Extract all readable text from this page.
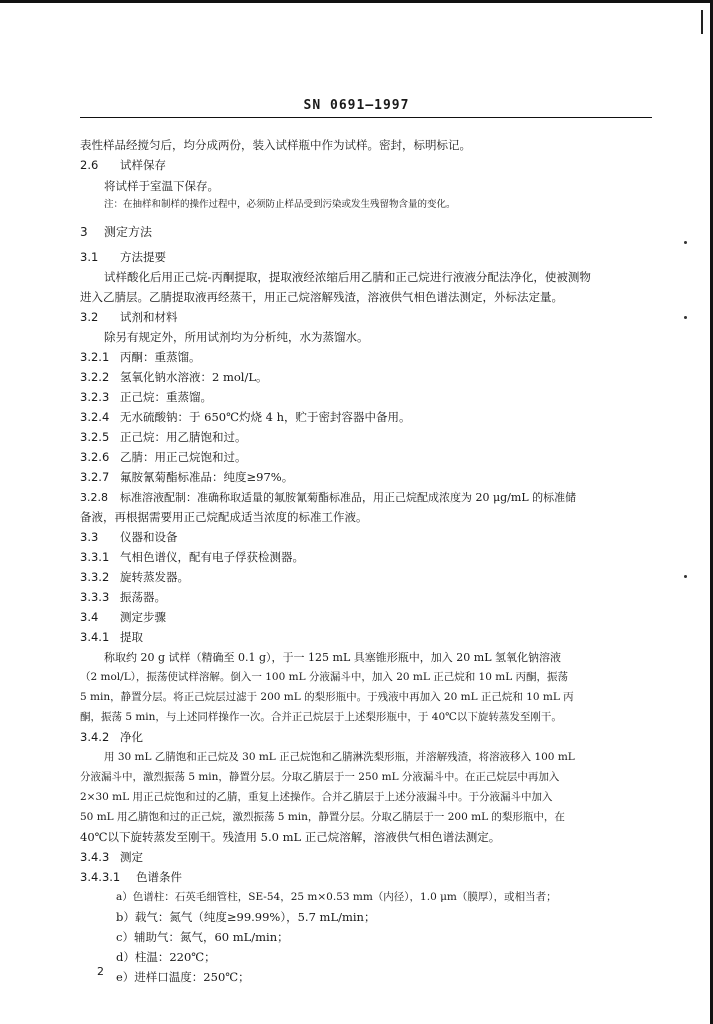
SN 0691—1997
表性样品经搅匀后，均分成两份，装入试样瓶中作为试样。密封，标明标记。
2.6 试样保存
将试样于室温下保存。
注：在抽样和制样的操作过程中，必须防止样品受到污染或发生残留物含量的变化。
3 测定方法
3.1 方法提要
试样酸化后用正己烷-丙酮提取，提取液经浓缩后用乙腈和正己烷进行液液分配法净化，使被测物
进入乙腈层。乙腈提取液再经蒸干，用正己烷溶解残渣，溶液供气相色谱法测定，外标法定量。
3.2 试剂和材料
除另有规定外，所用试剂均为分析纯，水为蒸馏水。
3.2.1 丙酮：重蒸馏。
3.2.2 氢氧化钠水溶液：2 mol/L。
3.2.3 正己烷：重蒸馏。
3.2.4 无水硫酸钠：于 650℃灼烧 4 h，贮于密封容器中备用。
3.2.5 正己烷：用乙腈饱和过。
3.2.6 乙腈：用正己烷饱和过。
3.2.7 氟胺氰菊酯标准品：纯度≥97%。
3.2.8 标准溶液配制：准确称取适量的氟胺氰菊酯标准品，用正己烷配成浓度为 20 μg/mL 的标准储
备液，再根据需要用正己烷配成适当浓度的标准工作液。
3.3 仪器和设备
3.3.1 气相色谱仪，配有电子俘获检测器。
3.3.2 旋转蒸发器。
3.3.3 振荡器。
3.4 测定步骤
3.4.1 提取
称取约 20 g 试样（精确至 0.1 g），于一 125 mL 具塞锥形瓶中，加入 20 mL 氢氧化钠溶液
（2 mol/L），振荡使试样溶解。倒入一 100 mL 分液漏斗中，加入 20 mL 正己烷和 10 mL 丙酮，振荡
5 min，静置分层。将正己烷层过滤于 200 mL 的梨形瓶中。于残液中再加入 20 mL 正己烷和 10 mL 丙
酮，振荡 5 min，与上述同样操作一次。合并正己烷层于上述梨形瓶中，于 40℃以下旋转蒸发至刚干。
3.4.2 净化
用 30 mL 乙腈饱和正己烷及 30 mL 正己烷饱和乙腈淋洗梨形瓶，并溶解残渣，将溶液移入 100 mL
分液漏斗中，激烈振荡 5 min，静置分层。分取乙腈层于一 250 mL 分液漏斗中。在正己烷层中再加入
2×30 mL 用正己烷饱和过的乙腈，重复上述操作。合并乙腈层于上述分液漏斗中。于分液漏斗中加入
50 mL 用乙腈饱和过的正己烷，激烈振荡 5 min，静置分层。分取乙腈层于一 200 mL 的梨形瓶中，在
40℃以下旋转蒸发至刚干。残渣用 5.0 mL 正己烷溶解，溶液供气相色谱法测定。
3.4.3 测定
3.4.3.1 色谱条件
a）色谱柱：石英毛细管柱，SE-54，25 m×0.53 mm（内径），1.0 μm（膜厚），或相当者；
b）载气：氮气（纯度≥99.99%），5.7 mL/min；
c）辅助气：氮气，60 mL/min；
d）柱温：220℃；
e）进样口温度：250℃；
2
